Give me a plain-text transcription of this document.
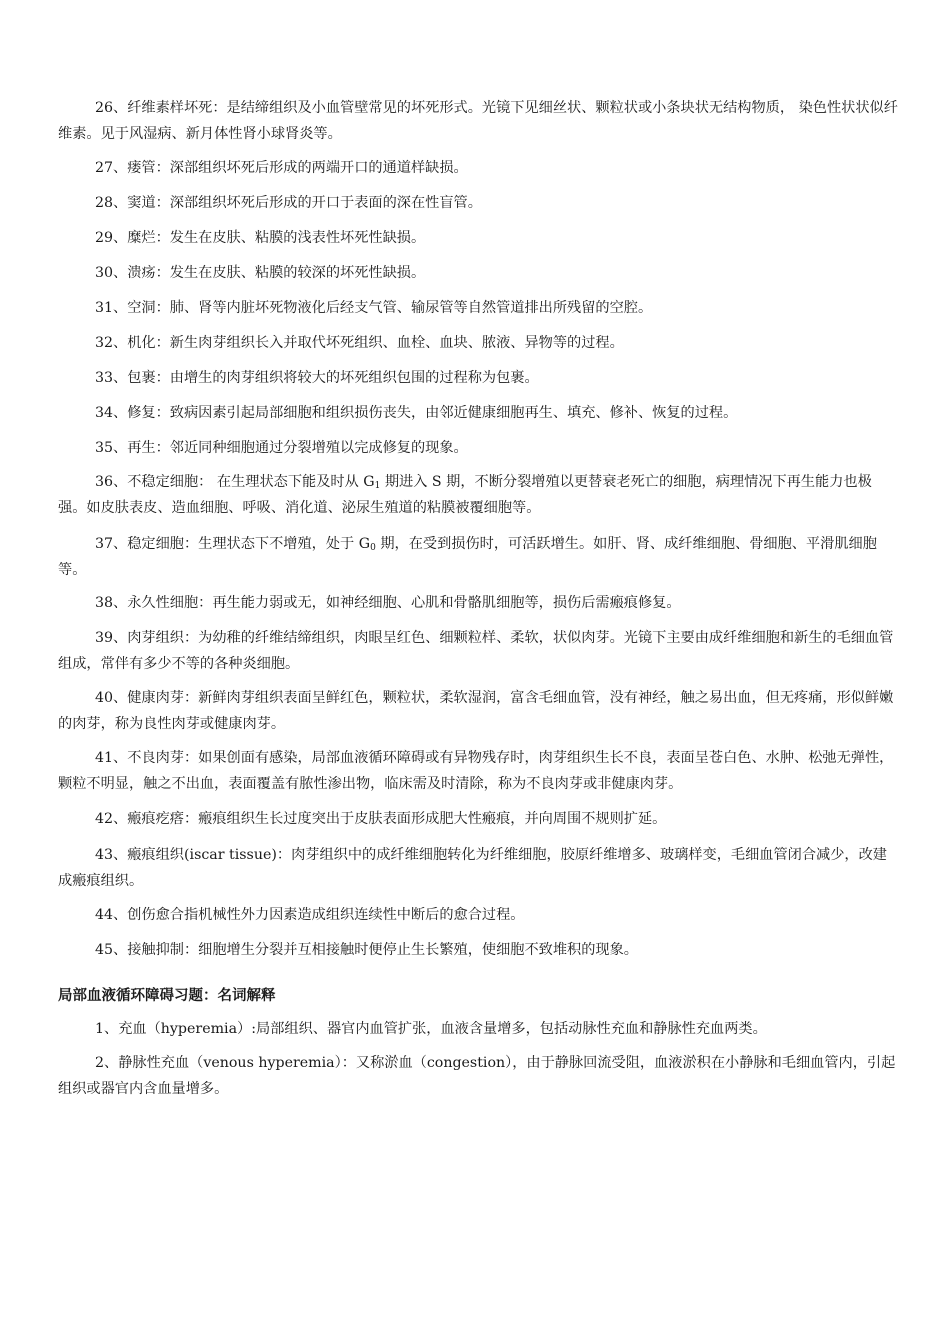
26、纤维素样坏死：是结缔组织及小血管壁常见的坏死形式。光镜下见细丝状、颗粒状或小条块状无结构物质， 染色性状状似纤维素。见于风湿病、新月体性肾小球肾炎等。

27、瘘管：深部组织坏死后形成的两端开口的通道样缺损。

28、窦道：深部组织坏死后形成的开口于表面的深在性盲管。

29、糜烂：发生在皮肤、粘膜的浅表性坏死性缺损。

30、溃疡：发生在皮肤、粘膜的较深的坏死性缺损。

31、空洞：肺、肾等内脏坏死物液化后经支气管、输尿管等自然管道排出所残留的空腔。

32、机化：新生肉芽组织长入并取代坏死组织、血栓、血块、脓液、异物等的过程。

33、包裹：由增生的肉芽组织将较大的坏死组织包围的过程称为包裹。

34、修复：致病因素引起局部细胞和组织损伤丧失，由邻近健康细胞再生、填充、修补、恢复的过程。

35、再生：邻近同种细胞通过分裂增殖以完成修复的现象。

36、不稳定细胞： 在生理状态下能及时从 $G_1$ 期进入 S 期，不断分裂增殖以更替衰老死亡的细胞，病理情况下再生能力也极强。如皮肤表皮、造血细胞、呼吸、消化道、泌尿生殖道的粘膜被覆细胞等。

37、稳定细胞：生理状态下不增殖，处于 $G_0$ 期，在受到损伤时，可活跃增生。如肝、肾、成纤维细胞、骨细胞、平滑肌细胞等。

38、永久性细胞：再生能力弱或无，如神经细胞、心肌和骨骼肌细胞等，损伤后需瘢痕修复。

39、肉芽组织：为幼稚的纤维结缔组织，肉眼呈红色、细颗粒样、柔软，状似肉芽。光镜下主要由成纤维细胞和新生的毛细血管组成，常伴有多少不等的各种炎细胞。

40、健康肉芽：新鲜肉芽组织表面呈鲜红色，颗粒状，柔软湿润，富含毛细血管，没有神经，触之易出血，但无疼痛，形似鲜嫩的肉芽，称为良性肉芽或健康肉芽。

41、不良肉芽：如果创面有感染，局部血液循环障碍或有异物残存时，肉芽组织生长不良，表面呈苍白色、水肿、松弛无弹性，颗粒不明显，触之不出血，表面覆盖有脓性渗出物，临床需及时清除，称为不良肉芽或非健康肉芽。

42、瘢痕疙瘩：瘢痕组织生长过度突出于皮肤表面形成肥大性瘢痕，并向周围不规则扩延。

43、瘢痕组织(iscar tissue)：肉芽组织中的成纤维细胞转化为纤维细胞，胶原纤维增多、玻璃样变，毛细血管闭合减少，改建成瘢痕组织。

44、创伤愈合指机械性外力因素造成组织连续性中断后的愈合过程。

45、接触抑制：细胞增生分裂并互相接触时便停止生长繁殖，使细胞不致堆积的现象。

局部血液循环障碍习题：名词解释

1、充血（hyperemia）:局部组织、器官内血管扩张，血液含量增多，包括动脉性充血和静脉性充血两类。

2、静脉性充血（venous hyperemia）：又称淤血（congestion），由于静脉回流受阻，血液淤积在小静脉和毛细血管内，引起组织或器官内含血量增多。
